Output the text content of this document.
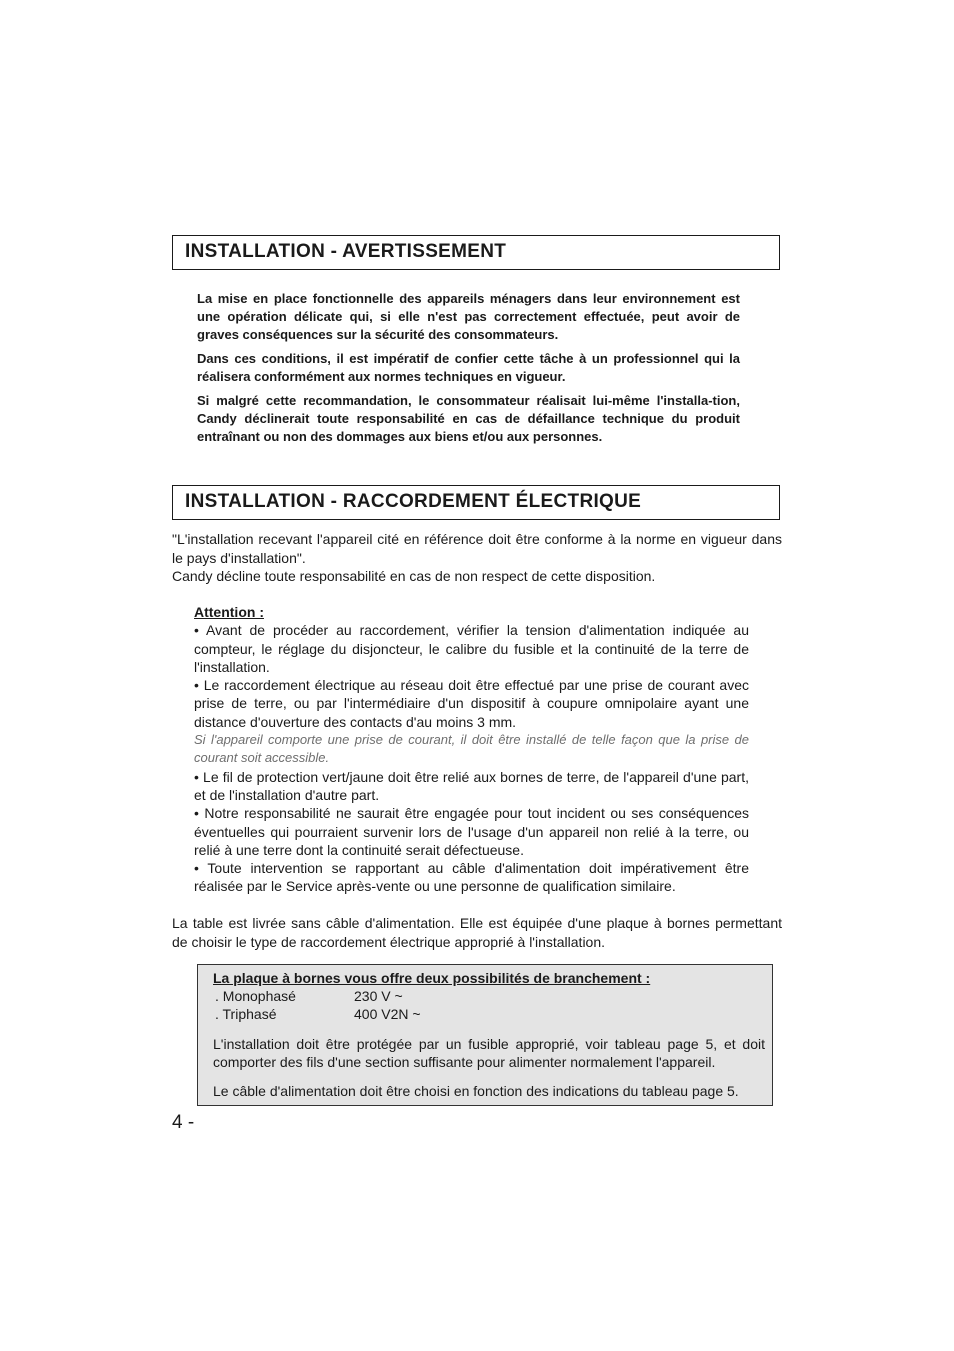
INSTALLATION - AVERTISSEMENT

La mise en place fonctionnelle des appareils ménagers dans leur environnement est une opération délicate qui, si elle n'est pas correctement effectuée, peut avoir de graves conséquences sur la sécurité des consommateurs.

Dans ces conditions, il est impératif de confier cette tâche à un professionnel qui la réalisera conformément aux normes techniques en vigueur.

Si malgré cette recommandation, le consommateur réalisait lui-même l'installa-tion, Candy déclinerait toute responsabilité en cas de défaillance technique du produit entraînant ou non des dommages aux biens et/ou aux personnes.

INSTALLATION - RACCORDEMENT ÉLECTRIQUE

"L'installation recevant l'appareil cité en référence doit être conforme à la norme en vigueur dans le pays d'installation".

Candy décline toute responsabilité en cas de non respect de cette disposition.

Attention :

• Avant de procéder au raccordement, vérifier la tension d'alimentation indiquée au compteur, le réglage du disjoncteur, le calibre du fusible et la continuité de la terre de l'installation.

• Le raccordement électrique au réseau doit être effectué par une prise de courant avec prise de terre, ou par l'intermédiaire d'un dispositif à coupure omnipolaire ayant une distance d'ouverture des contacts d'au moins 3 mm.

Si l'appareil comporte une prise de courant, il doit être installé de telle façon que la prise de courant soit accessible.

• Le fil de protection vert/jaune doit être relié aux bornes de terre, de l'appareil d'une part, et de l'installation d'autre part.

• Notre responsabilité ne saurait être engagée pour tout incident ou ses conséquences éventuelles qui pourraient survenir lors de l'usage d'un appareil non relié à la terre, ou relié à une terre dont la continuité serait défectueuse.

• Toute intervention se rapportant au câble d'alimentation doit impérativement être réalisée par le Service après-vente ou une personne de qualification similaire.

La table est livrée sans câble d'alimentation. Elle est équipée d'une plaque à bornes permettant de choisir le type de raccordement électrique approprié à l'installation.

La plaque à bornes vous offre deux possibilités de branchement :
. Monophasé	230 V ~
. Triphasé	400 V2N ~
L'installation doit être protégée par un fusible approprié, voir tableau page 5, et doit comporter des fils d'une section suffisante pour alimenter normalement l'appareil.
Le câble d'alimentation doit être choisi en fonction des indications du tableau page 5.
4 -
